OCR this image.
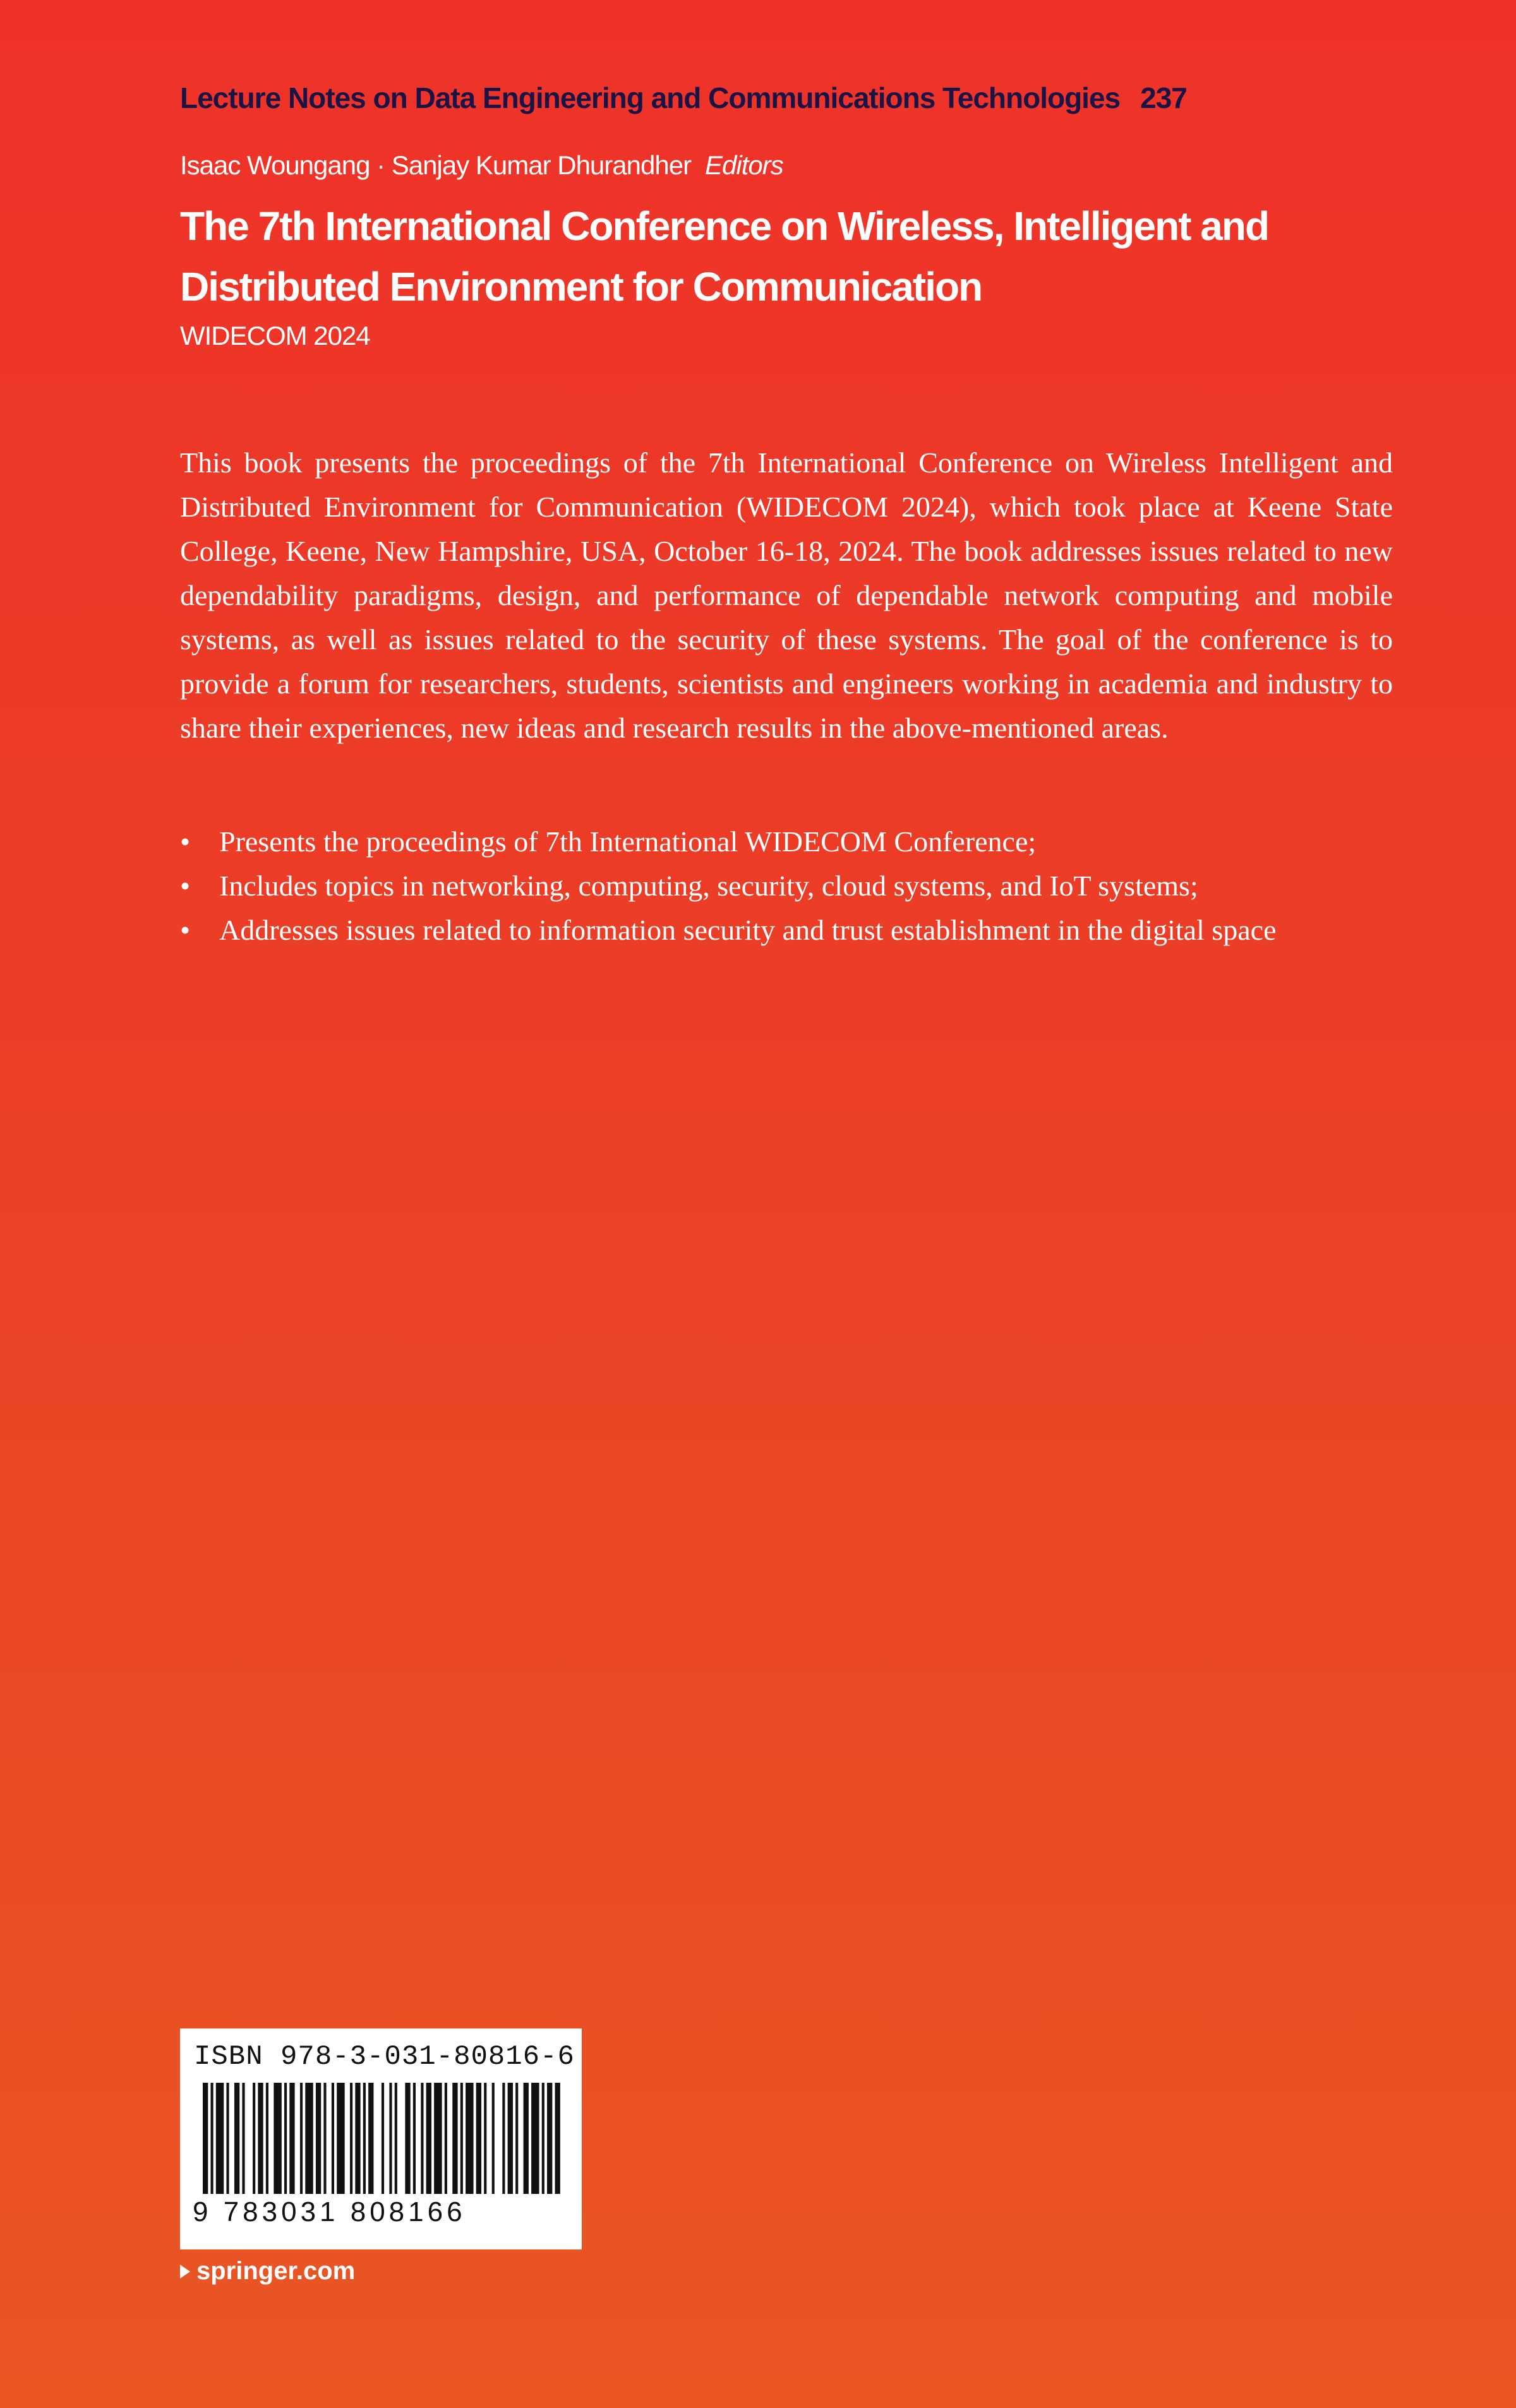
Lecture Notes on Data Engineering and Communications Technologies 237
Isaac Woungang · Sanjay Kumar Dhurandher Editors
The 7th International Conference on Wireless, Intelligent and
Distributed Environment for Communication
WIDECOM 2024

This book presents the proceedings of the 7th International Conference on Wireless Intelligent and Distributed Environment for Communication (WIDECOM 2024), which took place at Keene State College, Keene, New Hampshire, USA, October 16-18, 2024. The book addresses issues related to new dependability paradigms, design, and performance of dependable network computing and mobile systems, as well as issues related to the security of these systems. The goal of the conference is to provide a forum for researchers, students, scientists and engineers working in academia and industry to share their experiences, new ideas and research results in the above-mentioned areas.

• Presents the proceedings of 7th International WIDECOM Conference;
• Includes topics in networking, computing, security, cloud systems, and IoT systems;
• Addresses issues related to information security and trust establishment in the digital space
ISBN 978-3-031-80816-6
9 783031 808166
springer.com
